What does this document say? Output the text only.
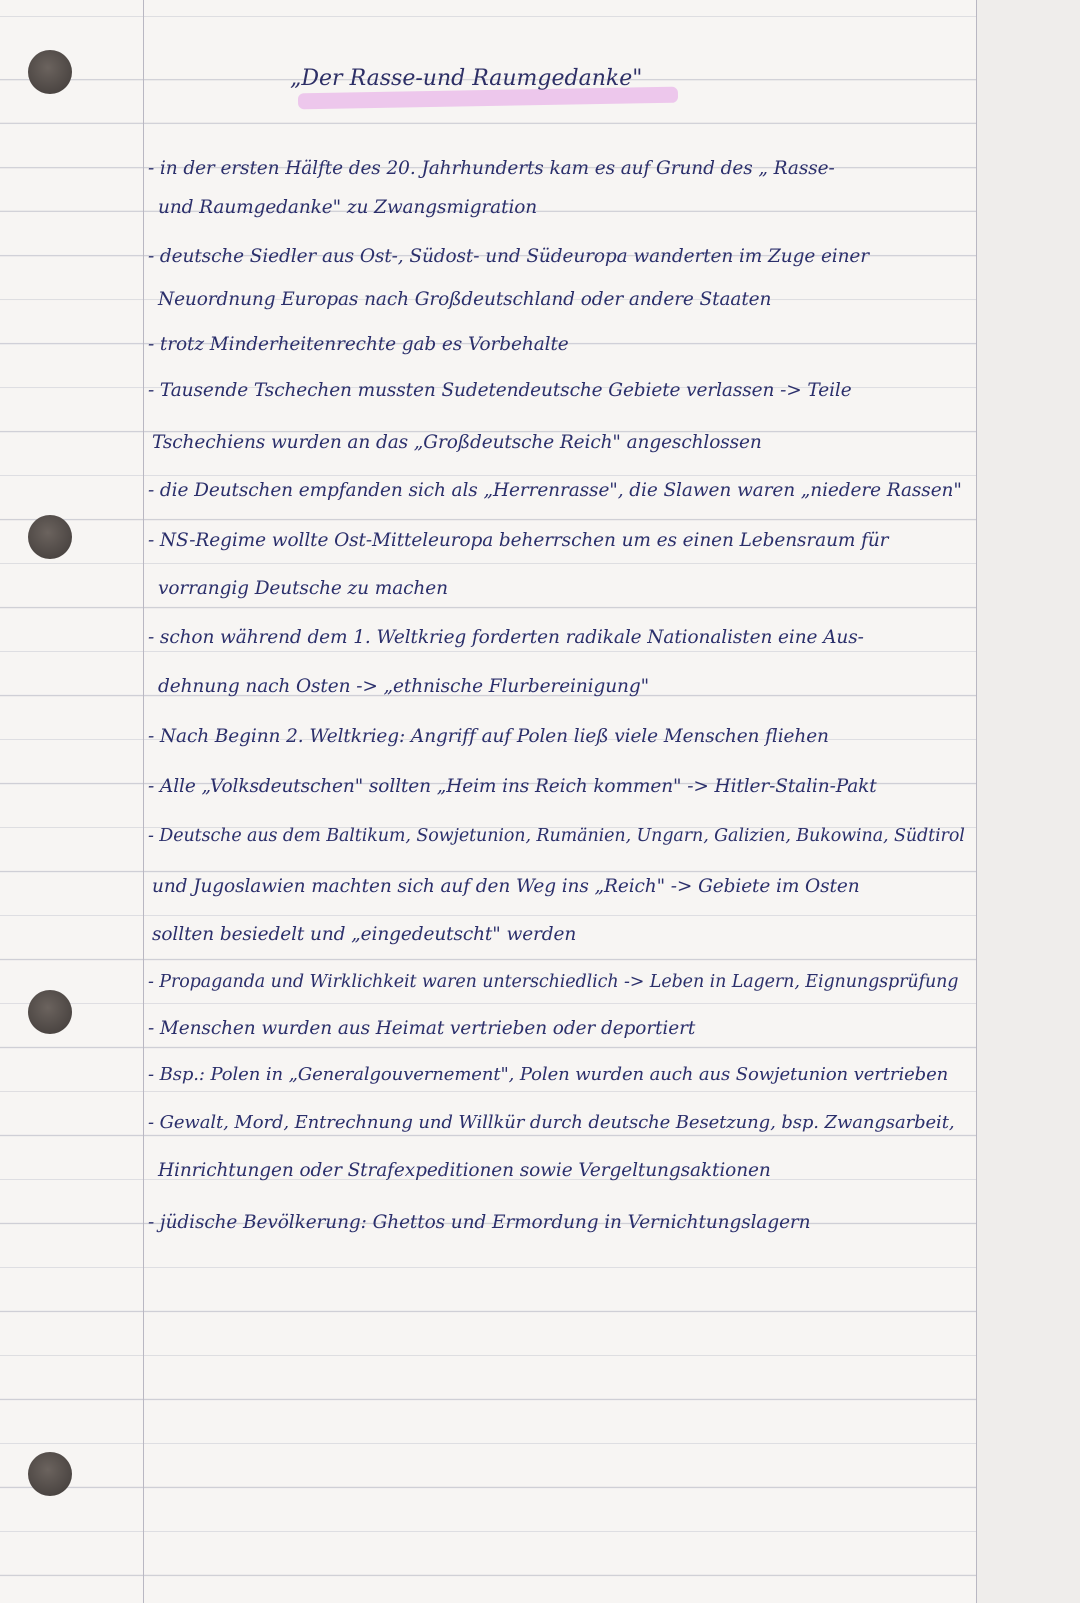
„Der Rasse-und Raumgedanke"
- in der ersten Hälfte des 20. Jahrhunderts kam es auf Grund des „ Rasse-
und Raumgedanke" zu Zwangsmigration
- deutsche Siedler aus Ost-, Südost- und Südeuropa wanderten im Zuge einer
Neuordnung Europas nach Großdeutschland oder andere Staaten
- trotz Minderheitenrechte gab es Vorbehalte
- Tausende Tschechen mussten Sudetendeutsche Gebiete verlassen -> Teile
Tschechiens wurden an das „Großdeutsche Reich" angeschlossen
- die Deutschen empfanden sich als „Herrenrasse", die Slawen waren „niedere Rassen"
- NS-Regime wollte Ost-Mitteleuropa beherrschen um es einen Lebensraum für
vorrangig Deutsche zu machen
- schon während dem 1. Weltkrieg forderten radikale Nationalisten eine Aus-
dehnung nach Osten -> „ethnische Flurbereinigung"
- Nach Beginn 2. Weltkrieg: Angriff auf Polen ließ viele Menschen fliehen
- Alle „Volksdeutschen" sollten „Heim ins Reich kommen" -> Hitler-Stalin-Pakt
- Deutsche aus dem Baltikum, Sowjetunion, Rumänien, Ungarn, Galizien, Bukowina, Südtirol
und Jugoslawien machten sich auf den Weg ins „Reich" -> Gebiete im Osten
sollten besiedelt und „eingedeutscht" werden
- Propaganda und Wirklichkeit waren unterschiedlich -> Leben in Lagern, Eignungsprüfung
- Menschen wurden aus Heimat vertrieben oder deportiert
- Bsp.: Polen in „Generalgouvernement", Polen wurden auch aus Sowjetunion vertrieben
- Gewalt, Mord, Entrechnung und Willkür durch deutsche Besetzung, bsp. Zwangsarbeit,
Hinrichtungen oder Strafexpeditionen sowie Vergeltungsaktionen
- jüdische Bevölkerung: Ghettos und Ermordung in Vernichtungslagern
